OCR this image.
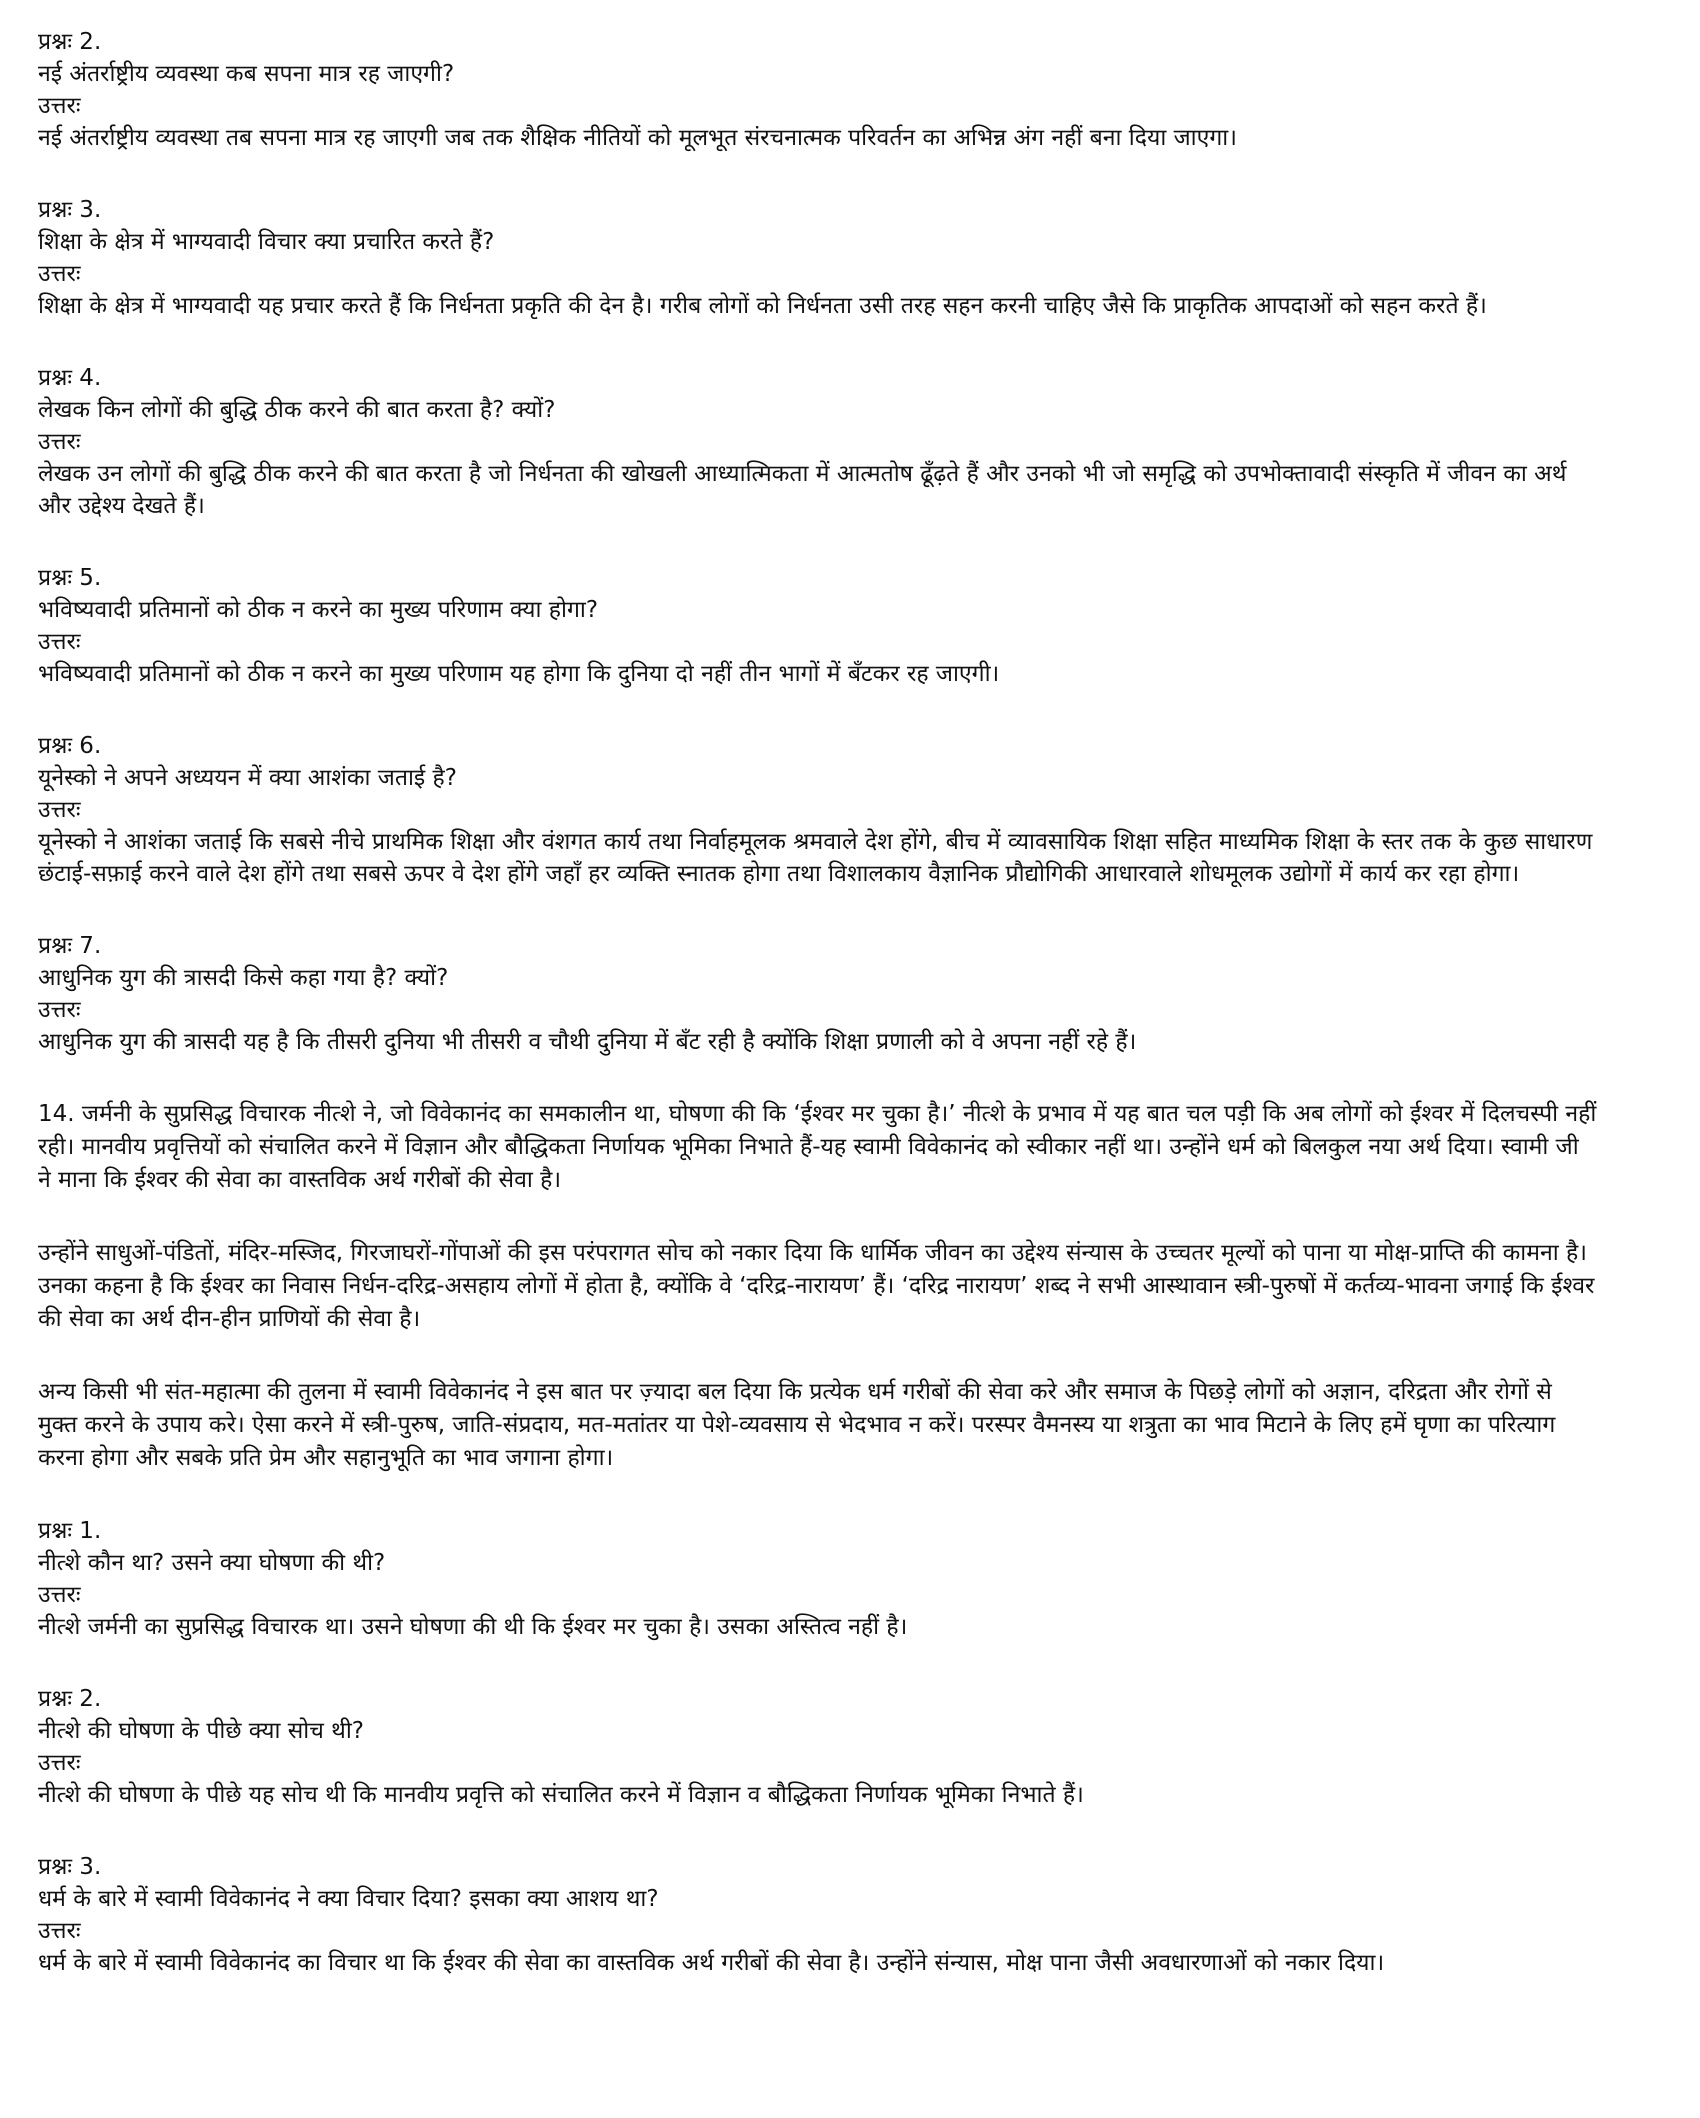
प्रश्नः 2.

नई अंतर्राष्ट्रीय व्यवस्था कब सपना मात्र रह जाएगी?

उत्तरः

नई अंतर्राष्ट्रीय व्यवस्था तब सपना मात्र रह जाएगी जब तक शैक्षिक नीतियों को मूलभूत संरचनात्मक परिवर्तन का अभिन्न अंग नहीं बना दिया जाएगा।

प्रश्नः 3.

शिक्षा के क्षेत्र में भाग्यवादी विचार क्या प्रचारित करते हैं?

उत्तरः

शिक्षा के क्षेत्र में भाग्यवादी यह प्रचार करते हैं कि निर्धनता प्रकृति की देन है। गरीब लोगों को निर्धनता उसी तरह सहन करनी चाहिए जैसे कि प्राकृतिक आपदाओं को सहन करते हैं।

प्रश्नः 4.

लेखक किन लोगों की बुद्धि ठीक करने की बात करता है? क्यों?

उत्तरः

लेखक उन लोगों की बुद्धि ठीक करने की बात करता है जो निर्धनता की खोखली आध्यात्मिकता में आत्मतोष ढूँढ़ते हैं और उनको भी जो समृद्धि को उपभोक्तावादी संस्कृति में जीवन का अर्थ और उद्देश्य देखते हैं।

प्रश्नः 5.

भविष्यवादी प्रतिमानों को ठीक न करने का मुख्य परिणाम क्या होगा?

उत्तरः

भविष्यवादी प्रतिमानों को ठीक न करने का मुख्य परिणाम यह होगा कि दुनिया दो नहीं तीन भागों में बँटकर रह जाएगी।

प्रश्नः 6.

यूनेस्को ने अपने अध्ययन में क्या आशंका जताई है?

उत्तरः

यूनेस्को ने आशंका जताई कि सबसे नीचे प्राथमिक शिक्षा और वंशगत कार्य तथा निर्वाहमूलक श्रमवाले देश होंगे, बीच में व्यावसायिक शिक्षा सहित माध्यमिक शिक्षा के स्तर तक के कुछ साधारण छंटाई-सफ़ाई करने वाले देश होंगे तथा सबसे ऊपर वे देश होंगे जहाँ हर व्यक्ति स्नातक होगा तथा विशालकाय वैज्ञानिक प्रौद्योगिकी आधारवाले शोधमूलक उद्योगों में कार्य कर रहा होगा।

प्रश्नः 7.

आधुनिक युग की त्रासदी किसे कहा गया है? क्यों?

उत्तरः

आधुनिक युग की त्रासदी यह है कि तीसरी दुनिया भी तीसरी व चौथी दुनिया में बँट रही है क्योंकि शिक्षा प्रणाली को वे अपना नहीं रहे हैं।

14. जर्मनी के सुप्रसिद्ध विचारक नीत्शे ने, जो विवेकानंद का समकालीन था, घोषणा की कि ‘ईश्वर मर चुका है।’ नीत्शे के प्रभाव में यह बात चल पड़ी कि अब लोगों को ईश्वर में दिलचस्पी नहीं रही। मानवीय प्रवृत्तियों को संचालित करने में विज्ञान और बौद्धिकता निर्णायक भूमिका निभाते हैं-यह स्वामी विवेकानंद को स्वीकार नहीं था। उन्होंने धर्म को बिलकुल नया अर्थ दिया। स्वामी जी ने माना कि ईश्वर की सेवा का वास्तविक अर्थ गरीबों की सेवा है।

उन्होंने साधुओं-पंडितों, मंदिर-मस्जिद, गिरजाघरों-गोंपाओं की इस परंपरागत सोच को नकार दिया कि धार्मिक जीवन का उद्देश्य संन्यास के उच्चतर मूल्यों को पाना या मोक्ष-प्राप्ति की कामना है। उनका कहना है कि ईश्वर का निवास निर्धन-दरिद्र-असहाय लोगों में होता है, क्योंकि वे ‘दरिद्र-नारायण’ हैं। ‘दरिद्र नारायण’ शब्द ने सभी आस्थावान स्त्री-पुरुषों में कर्तव्य-भावना जगाई कि ईश्वर की सेवा का अर्थ दीन-हीन प्राणियों की सेवा है।

अन्य किसी भी संत-महात्मा की तुलना में स्वामी विवेकानंद ने इस बात पर ज़्यादा बल दिया कि प्रत्येक धर्म गरीबों की सेवा करे और समाज के पिछड़े लोगों को अज्ञान, दरिद्रता और रोगों से मुक्त करने के उपाय करे। ऐसा करने में स्त्री-पुरुष, जाति-संप्रदाय, मत-मतांतर या पेशे-व्यवसाय से भेदभाव न करें। परस्पर वैमनस्य या शत्रुता का भाव मिटाने के लिए हमें घृणा का परित्याग करना होगा और सबके प्रति प्रेम और सहानुभूति का भाव जगाना होगा।

प्रश्नः 1.

नीत्शे कौन था? उसने क्या घोषणा की थी?

उत्तरः

नीत्शे जर्मनी का सुप्रसिद्ध विचारक था। उसने घोषणा की थी कि ईश्वर मर चुका है। उसका अस्तित्व नहीं है।

प्रश्नः 2.

नीत्शे की घोषणा के पीछे क्या सोच थी?

उत्तरः

नीत्शे की घोषणा के पीछे यह सोच थी कि मानवीय प्रवृत्ति को संचालित करने में विज्ञान व बौद्धिकता निर्णायक भूमिका निभाते हैं।

प्रश्नः 3.

धर्म के बारे में स्वामी विवेकानंद ने क्या विचार दिया? इसका क्या आशय था?

उत्तरः

धर्म के बारे में स्वामी विवेकानंद का विचार था कि ईश्वर की सेवा का वास्तविक अर्थ गरीबों की सेवा है। उन्होंने संन्यास, मोक्ष पाना जैसी अवधारणाओं को नकार दिया।
